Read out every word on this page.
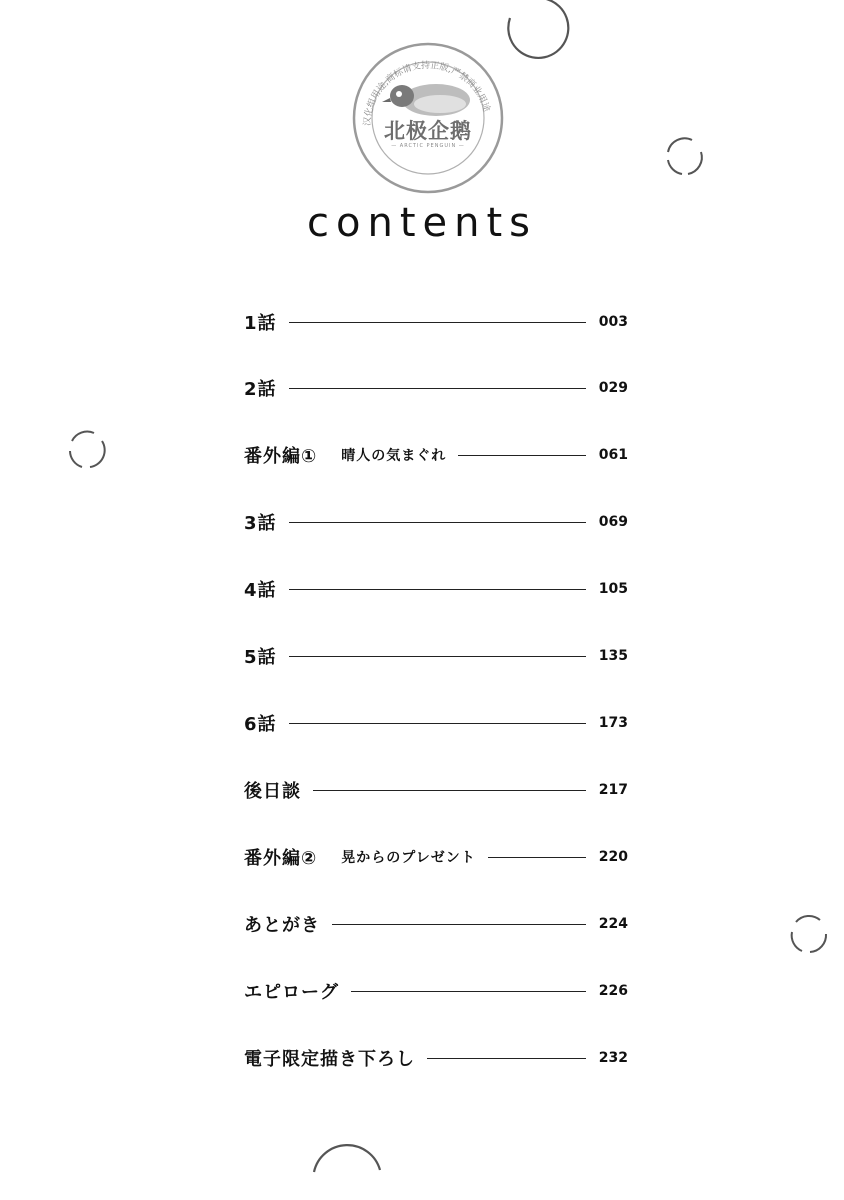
汉化组用途,商标请支持正版,严禁商业用途
北极企鹅
— ARCTIC PENGUIN —
contents
1話	003
2話	029
番外編① 晴人の気まぐれ	061
3話	069
4話	105
5話	135
6話	173
後日談	217
番外編② 晃からのプレゼント	220
あとがき	224
エピローグ	226
電子限定描き下ろし	232
